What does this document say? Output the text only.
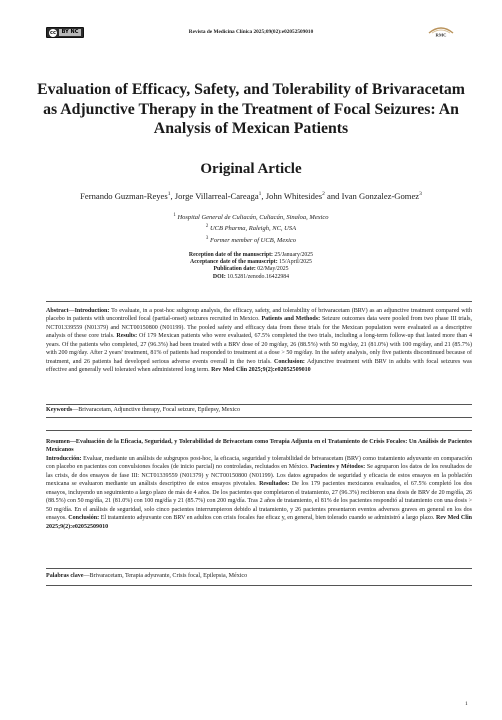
cc	BY NC	Revista de Medicina Clínica 2025;09(02):e02052509010
RMC
Evaluation of Efficacy, Safety, and Tolerability of Brivaracetam as Adjunctive Therapy in the Treatment of Focal Seizures: An Analysis of Mexican Patients
Original Article
Fernando Guzman-Reyes$^1$, Jorge Villarreal-Careaga$^1$, John Whitesides$^2$ and Ivan Gonzalez-Gomez$^3$
$^1$ Hospital General de Culiacán, Culiacán, Sinaloa, Mexico
$^2$ UCB Pharma, Raleigh, NC, USA
$^3$ Former member of UCB, Mexico
Reception date of the manuscript: 25/January/2025
Acceptance date of the manuscript: 15/April/2025
Publication date: 02/May/2025
DOI: 10.5281/zenodo.16422984
Abstract—Introduction: To evaluate, in a post-hoc subgroup analysis, the efficacy, safety, and tolerability of brivaracetam (BRV) as an adjunctive treatment compared with placebo in patients with uncontrolled focal (partial-onset) seizures recruited in Mexico. Patients and Methods: Seizure outcomes data were pooled from two phase III trials, NCT01339559 (N01379) and NCT00150800 (N01199). The pooled safety and efficacy data from these trials for the Mexican population were evaluated as a descriptive analysis of these core trials. Results: Of 179 Mexican patients who were evaluated, 67.5% completed the two trials, including a long-term follow-up that lasted more than 4 years. Of the patients who completed, 27 (96.3%) had been treated with a BRV dose of 20 mg/day, 26 (88.5%) with 50 mg/day, 21 (81.0%) with 100 mg/day, and 21 (85.7%) with 200 mg/day. After 2 years' treatment, 81% of patients had responded to treatment at a dose > 50 mg/day. In the safety analysis, only five patients discontinued because of treatment, and 26 patients had developed serious adverse events overall in the two trials. Conclusion: Adjunctive treatment with BRV in adults with focal seizures was effective and generally well tolerated when administered long term. Rev Med Clin 2025;9(2):e02052509010
Keywords—Brivaracetam, Adjunctive therapy, Focal seizure, Epilepsy, Mexico
Resumen—Evaluación de la Eficacia, Seguridad, y Tolerabilidad de Brivacetam como Terapia Adjunta en el Tratamiento de Crisis Focales: Un Análisis de Pacientes Mexicanos
Introducción: Evaluar, mediante un análisis de subgrupos post-hoc, la eficacia, seguridad y tolerabilidad de brivaracetam (BRV) como tratamiento adyuvante en comparación con placebo en pacientes con convulsiones focales (de inicio parcial) no controladas, reclutados en México. Pacientes y Métodos: Se agruparon los datos de los resultados de las crisis, de dos ensayos de fase III: NCT01339559 (N01379) y NCT00150800 (N01199). Los datos agrupados de seguridad y eficacia de estos ensayos en la población mexicana se evaluaron mediante un análisis descriptivo de estos ensayos pivotales. Resultados: De los 179 pacientes mexicanos evaluados, el 67.5% completó los dos ensayos, incluyendo un seguimiento a largo plazo de más de 4 años. De los pacientes que completaron el tratamiento, 27 (96.3%) recibieron una dosis de BRV de 20 mg/día, 26 (88.5%) con 50 mg/día, 21 (81.0%) con 100 mg/día y 21 (85.7%) con 200 mg/día. Tras 2 años de tratamiento, el 81% de los pacientes respondió al tratamiento con una dosis > 50 mg/día. En el análisis de seguridad, solo cinco pacientes interrumpieron debido al tratamiento, y 26 pacientes presentaron eventos adversos graves en general en los dos ensayos. Conclusión: El tratamiento adyuvante con BRV en adultos con crisis focales fue eficaz y, en general, bien tolerado cuando se administró a largo plazo. Rev Med Clin 2025;9(2):e02052509010
Palabras clave—Brivaracetam, Terapia adyuvante, Crisis focal, Epilepsia, México
1
